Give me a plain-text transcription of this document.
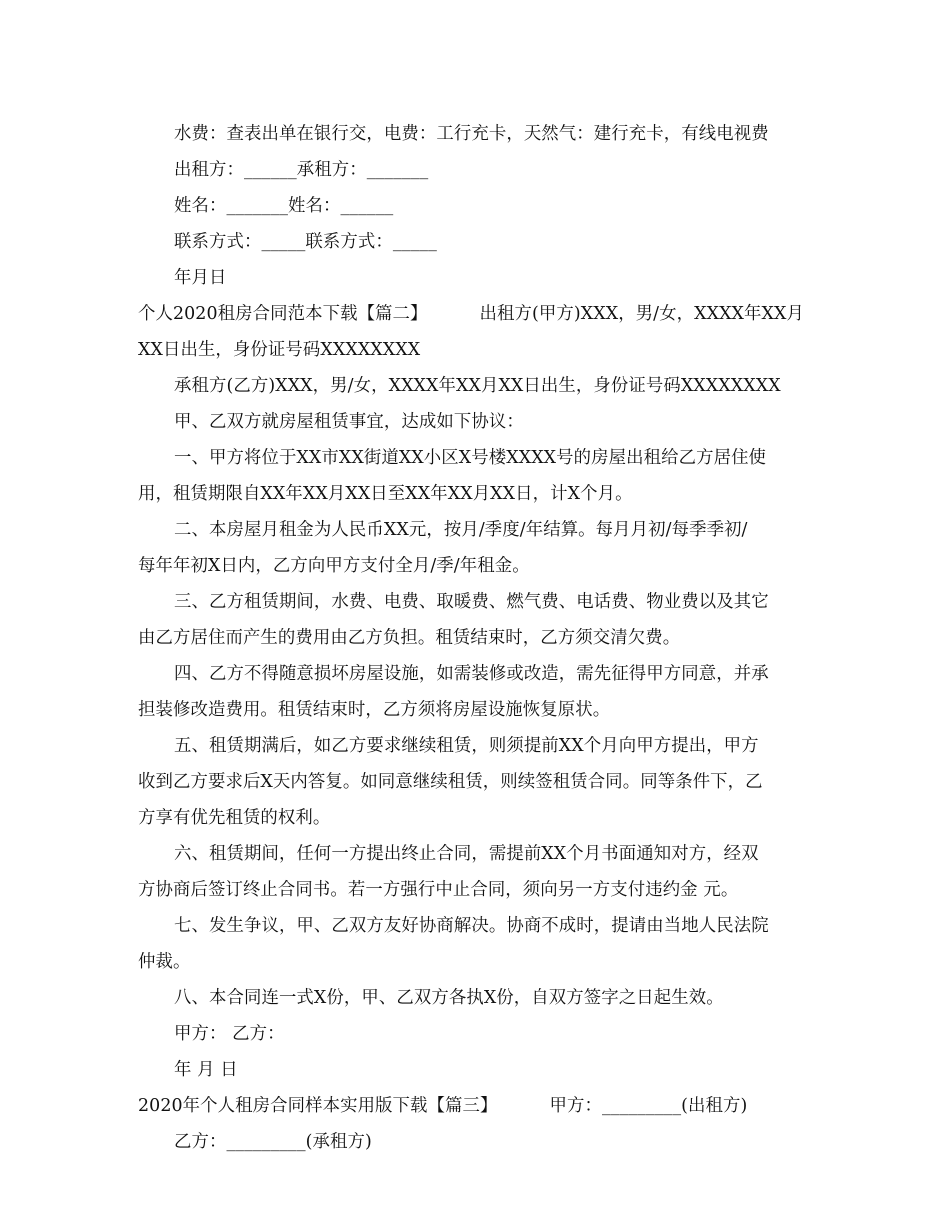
水费：查表出单在银行交，电费：工行充卡，天然气：建行充卡，有线电视费
出租方：______承租方：_______
姓名：_______姓名：______
联系方式：_____联系方式：_____
年月日
个人2020租房合同范本下载【篇二】	出租方(甲方)XXX，男/女，XXXX年XX月
XX日出生，身份证号码XXXXXXXX
承租方(乙方)XXX，男/女，XXXX年XX月XX日出生，身份证号码XXXXXXXX
甲、乙双方就房屋租赁事宜，达成如下协议：
一、甲方将位于XX市XX街道XX小区X号楼XXXX号的房屋出租给乙方居住使
用，租赁期限自XX年XX月XX日至XX年XX月XX日，计X个月。
二、本房屋月租金为人民币XX元，按月/季度/年结算。每月月初/每季季初/
每年年初X日内，乙方向甲方支付全月/季/年租金。
三、乙方租赁期间，水费、电费、取暖费、燃气费、电话费、物业费以及其它
由乙方居住而产生的费用由乙方负担。租赁结束时，乙方须交清欠费。
四、乙方不得随意损坏房屋设施，如需装修或改造，需先征得甲方同意，并承
担装修改造费用。租赁结束时，乙方须将房屋设施恢复原状。
五、租赁期满后，如乙方要求继续租赁，则须提前XX个月向甲方提出，甲方
收到乙方要求后X天内答复。如同意继续租赁，则续签租赁合同。同等条件下，乙
方享有优先租赁的权利。
六、租赁期间，任何一方提出终止合同，需提前XX个月书面通知对方，经双
方协商后签订终止合同书。若一方强行中止合同，须向另一方支付违约金 元。
七、发生争议，甲、乙双方友好协商解决。协商不成时，提请由当地人民法院
仲裁。
八、本合同连一式X份，甲、乙双方各执X份，自双方签字之日起生效。
甲方： 乙方：
年 月 日
2020年个人租房合同样本实用版下载【篇三】	甲方：_________(出租方)
乙方：_________(承租方)
